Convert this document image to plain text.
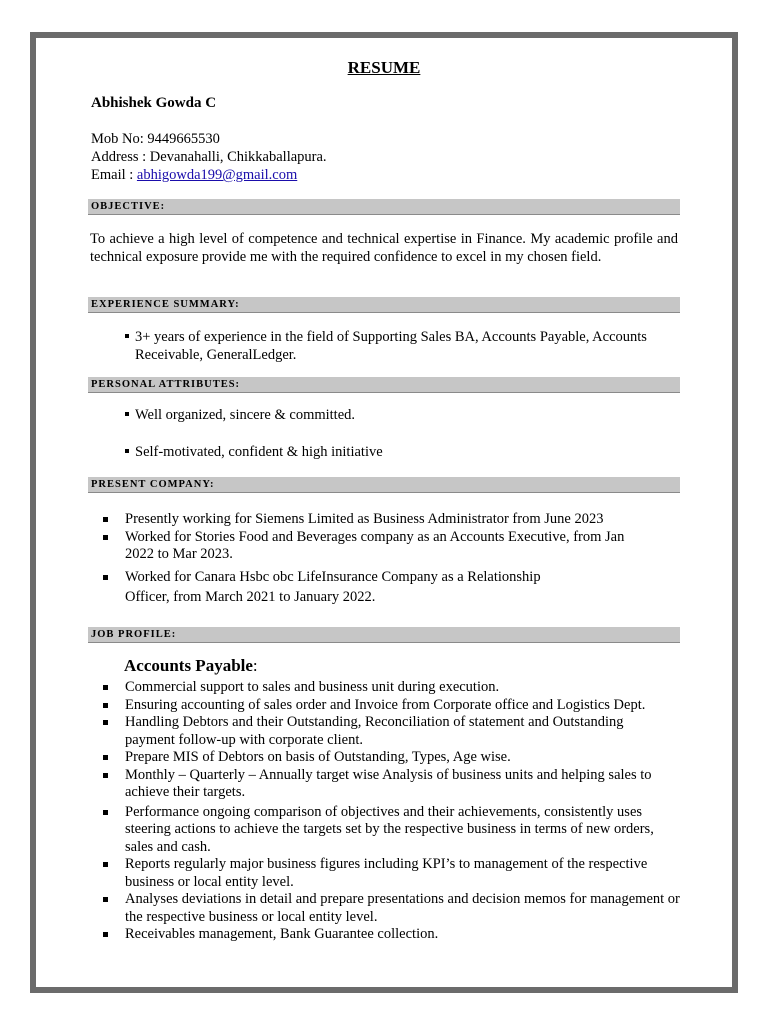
RESUME
Abhishek Gowda C
Mob No: 9449665530
Address : Devanahalli, Chikkaballapura.
Email : abhigowda199@gmail.com
OBJECTIVE:
To achieve a high level of competence and technical expertise in Finance. My academic profile and technical exposure provide me with the required confidence to excel in my chosen field.
EXPERIENCE SUMMARY:
3+ years of experience in the field of Supporting Sales BA, Accounts Payable, Accounts Receivable, GeneralLedger.
PERSONAL ATTRIBUTES:
Well organized, sincere & committed.
Self-motivated, confident & high initiative
PRESENT COMPANY:
Presently working for Siemens Limited as Business Administrator from June 2023
Worked for Stories Food and Beverages company as an Accounts Executive, from Jan 2022 to Mar 2023.
Worked for Canara Hsbc obc LifeInsurance Company as a Relationship
Officer, from March 2021 to January 2022.
JOB PROFILE:
Accounts Payable:
Commercial support to sales and business unit during execution.
Ensuring accounting of sales order and Invoice from Corporate office and Logistics Dept.
Handling Debtors and their Outstanding, Reconciliation of statement and Outstanding payment follow-up with corporate client.
Prepare MIS of Debtors on basis of Outstanding, Types, Age wise.
Monthly – Quarterly – Annually target wise Analysis of business units and helping sales to achieve their targets.
Performance ongoing comparison of objectives and their achievements, consistently uses steering actions to achieve the targets set by the respective business in terms of new orders, sales and cash.
Reports regularly major business figures including KPI’s to management of the respective business or local entity level.
Analyses deviations in detail and prepare presentations and decision memos for management or the respective business or local entity level.
Receivables management, Bank Guarantee collection.
